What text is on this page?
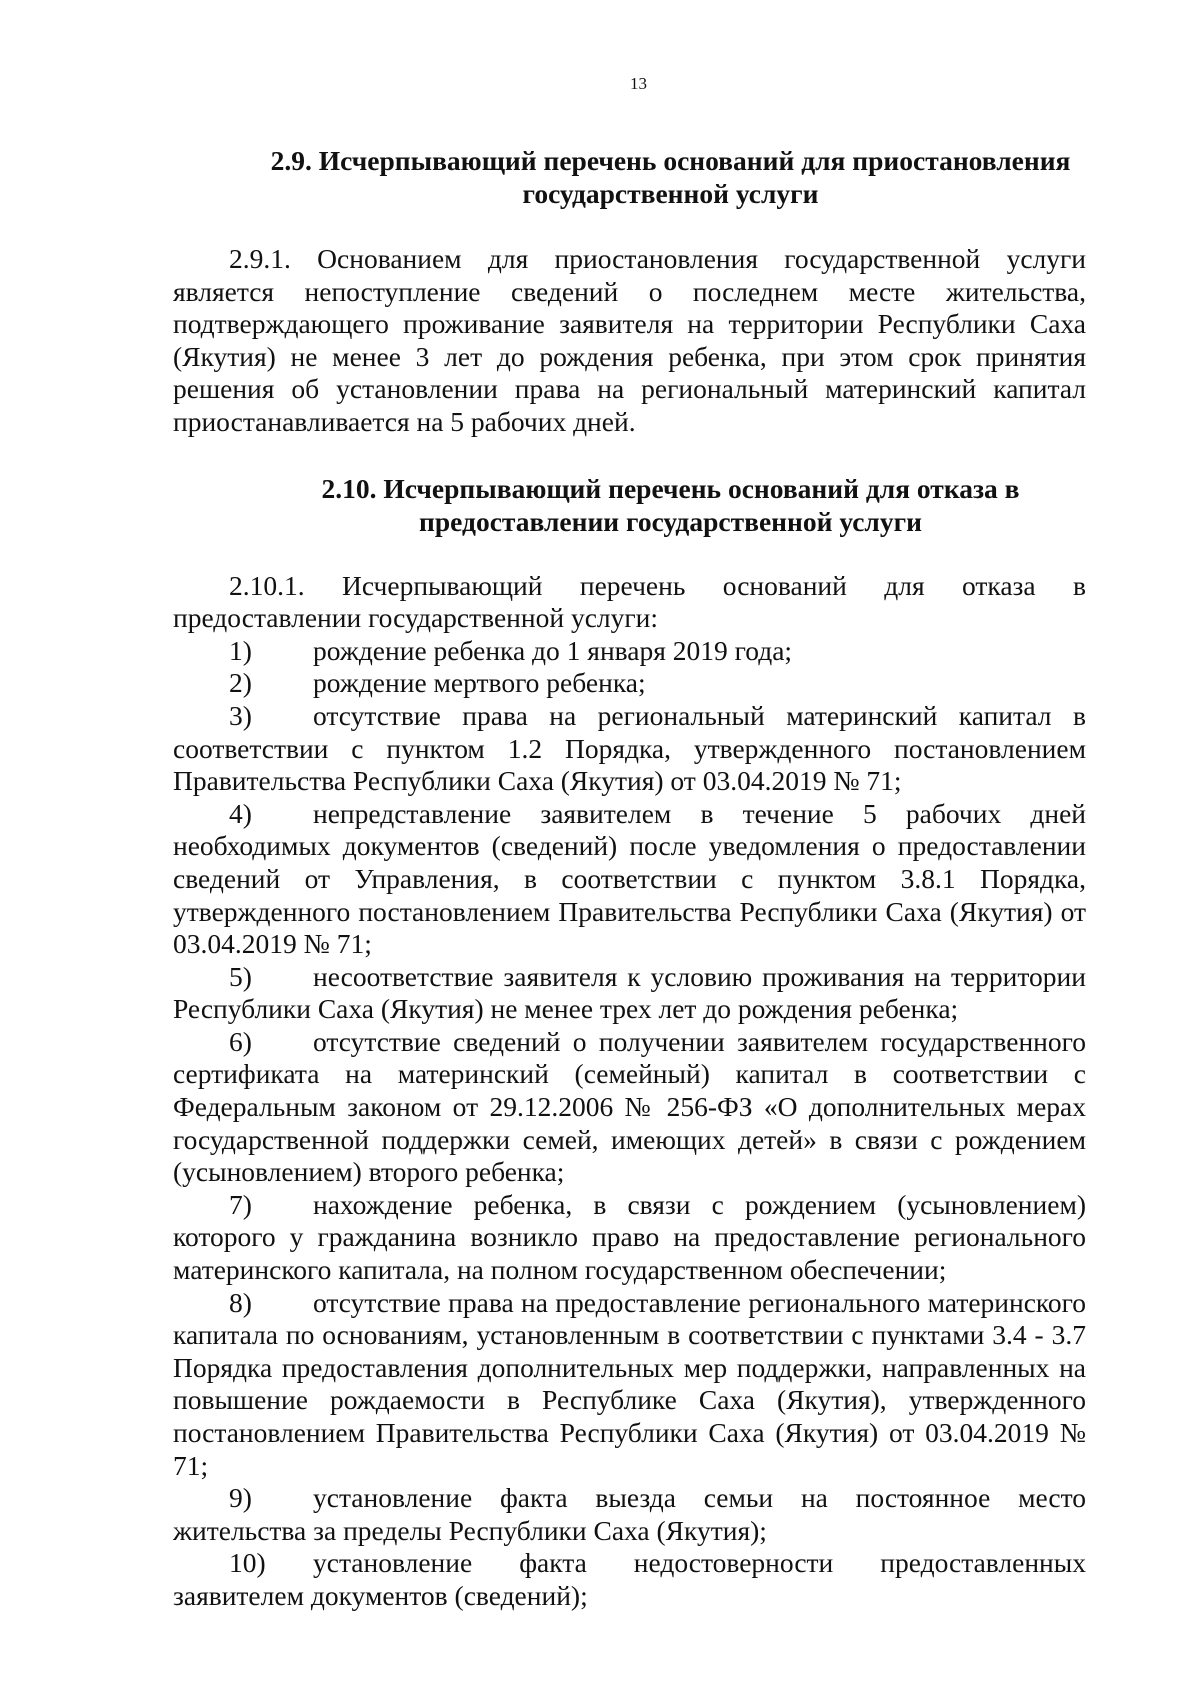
13
2.9. Исчерпывающий перечень оснований для приостановления
государственной услуги

2.9.1. Основанием для приостановления государственной услуги является непоступление сведений о последнем месте жительства, подтверждающего проживание заявителя на территории Республики Саха (Якутия) не менее 3 лет до рождения ребенка, при этом срок принятия решения об установлении права на региональный материнский капитал приостанавливается на 5 рабочих дней.

2.10. Исчерпывающий перечень оснований для отказа в
предоставлении государственной услуги

2.10.1. Исчерпывающий перечень оснований для отказа в предоставлении государственной услуги:

1) рождение ребенка до 1 января 2019 года;

2) рождение мертвого ребенка;

3) отсутствие права на региональный материнский капитал в соответствии с пунктом 1.2 Порядка, утвержденного постановлением Правительства Республики Саха (Якутия) от 03.04.2019 № 71;

4) непредставление заявителем в течение 5 рабочих дней необходимых документов (сведений) после уведомления о предоставлении сведений от Управления, в соответствии с пунктом 3.8.1 Порядка, утвержденного постановлением Правительства Республики Саха (Якутия) от 03.04.2019 № 71;

5) несоответствие заявителя к условию проживания на территории Республики Саха (Якутия) не менее трех лет до рождения ребенка;

6) отсутствие сведений о получении заявителем государственного сертификата на материнский (семейный) капитал в соответствии с Федеральным законом от 29.12.2006 № 256-ФЗ «О дополнительных мерах государственной поддержки семей, имеющих детей» в связи с рождением (усыновлением) второго ребенка;

7) нахождение ребенка, в связи с рождением (усыновлением) которого у гражданина возникло право на предоставление регионального материнского капитала, на полном государственном обеспечении;

8) отсутствие права на предоставление регионального материнского капитала по основаниям, установленным в соответствии с пунктами 3.4 - 3.7 Порядка предоставления дополнительных мер поддержки, направленных на повышение рождаемости в Республике Саха (Якутия), утвержденного постановлением Правительства Республики Саха (Якутия) от 03.04.2019 № 71;

9) установление факта выезда семьи на постоянное место жительства за пределы Республики Саха (Якутия);

10) установление факта недостоверности предоставленных заявителем документов (сведений);
